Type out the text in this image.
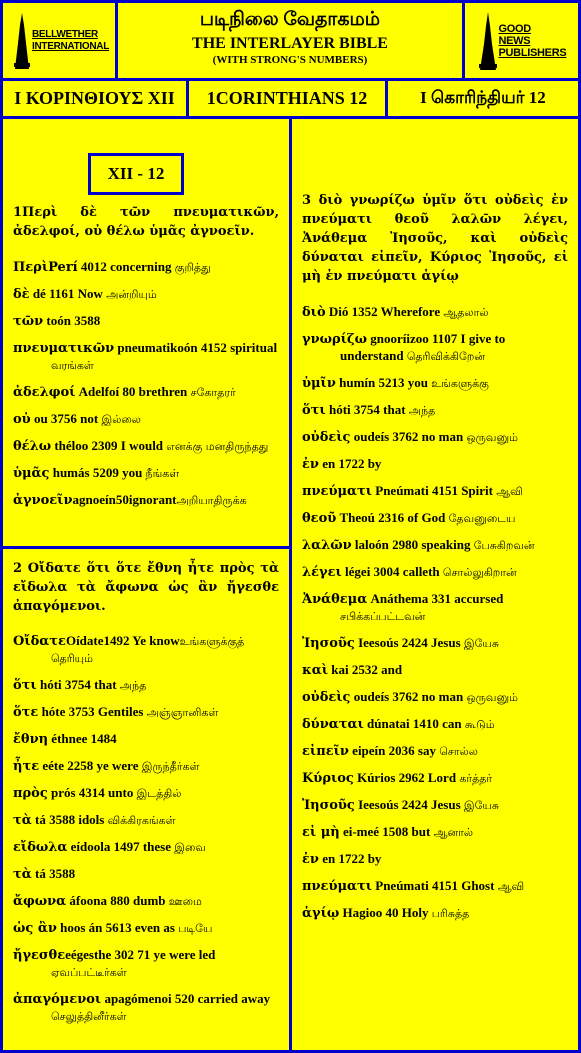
BELLWETHER INTERNATIONAL
படிநிலை வேதாகமம்
THE INTERLAYER BIBLE
(WITH STRONG'S NUMBERS)
GOOD NEWS PUBLISHERS
I ΚΟΡΙΝΘΙΟΥΣ XII	1CORINTHIANS 12	I கொரிந்தியர் 12

1Περὶ δὲ τῶν πνευματικῶν, ἀδελφοί, οὐ θέλω ὑμᾶς ἀγνοεῖν.

ΠερὶPerí 4012 concerning குறித்து

δὲ dé 1161 Now அன்றியும்

τῶν toón 3588

πνευματικῶν pneumatikoón 4152 spiritual வரங்கள்

ἀδελφοί Adelfoí 80 brethren சகோதரர்

οὐ ou 3756 not இல்லை

θέλω théloo 2309 I would எனக்கு மனதிருந்தது

ὑμᾶς humás 5209 you நீங்கள்

ἀγνοεῖνagnoeín50ignorantஅறியாதிருக்க

XII - 12

2 Οἴδατε ὅτι ὅτε ἔθνη ἦτε πρὸς τὰ εἴδωλα τὰ ἄφωνα ὡς ἂν ἤγεσθε ἀπαγόμενοι.

ΟἴδατεOídate1492 Ye knowஉங்களுக்குத் தெரியும்

ὅτι hóti 3754 that அந்த

ὅτε hóte 3753 Gentiles அஞ்ஞானிகள்

ἔθνη éthnee 1484

ἦτε eéte 2258 ye were இருந்தீர்கள்

πρὸς prós 4314 unto இடத்தில்

τὰ tá 3588 idols விக்கிரகங்கள்

εἴδωλα eídoola 1497 these இவை

τὰ tá 3588

ἄφωνα áfoona 880 dumb ஊமை

ὡς ἂν hoos án 5613 even as படியே

ἤγεσθεeégesthe 302 71 ye were led ஏவப்பட்டீர்கள்

ἀπαγόμενοι apagómenoi 520 carried away செலுத்தினீர்கள்

3 διὸ γνωρίζω ὑμῖν ὅτι οὐδεὶς ἐν πνεύματι θεοῦ λαλῶν λέγει, Ἀνάθεμα Ἰησοῦς, καὶ οὐδεὶς δύναται εἰπεῖν, Κύριος Ἰησοῦς, εἰ μὴ ἐν πνεύματι ἁγίῳ

διὸ Dió 1352 Wherefore ஆதலால்

γνωρίζω gnooríizoo 1107 I give to understand தெரிவிக்கிறேன்

ὑμῖν humín 5213 you உங்களுக்கு

ὅτι hóti 3754 that அந்த

οὐδεὶς oudeís 3762 no man ஒருவனும்

ἐν en 1722 by

πνεύματι Pneúmati 4151 Spirit ஆவி

θεοῦ Theoú 2316 of God தேவனுடைய

λαλῶν laloón 2980 speaking பேசுகிறவன்

λέγει légei 3004 calleth சொல்லுகிறான்

Ἀνάθεμα Anáthema 331 accursed சபிக்கப்பட்டவன்

Ἰησοῦς Ieesoús 2424 Jesus இயேசு

καὶ kai 2532 and

οὐδεὶς oudeís 3762 no man ஒருவனும்

δύναται dúnatai 1410 can கூடும்

εἰπεῖν eipeín 2036 say சொல்ல

Κύριος Kúrios 2962 Lord கர்த்தர்

Ἰησοῦς Ieesoús 2424 Jesus இயேசு

εἰ μὴ ei-meé 1508 but ஆனால்

ἐν en 1722 by

πνεύματι Pneúmati 4151 Ghost ஆவி

ἁγίῳ Hagioo 40 Holy பரிசுத்த
